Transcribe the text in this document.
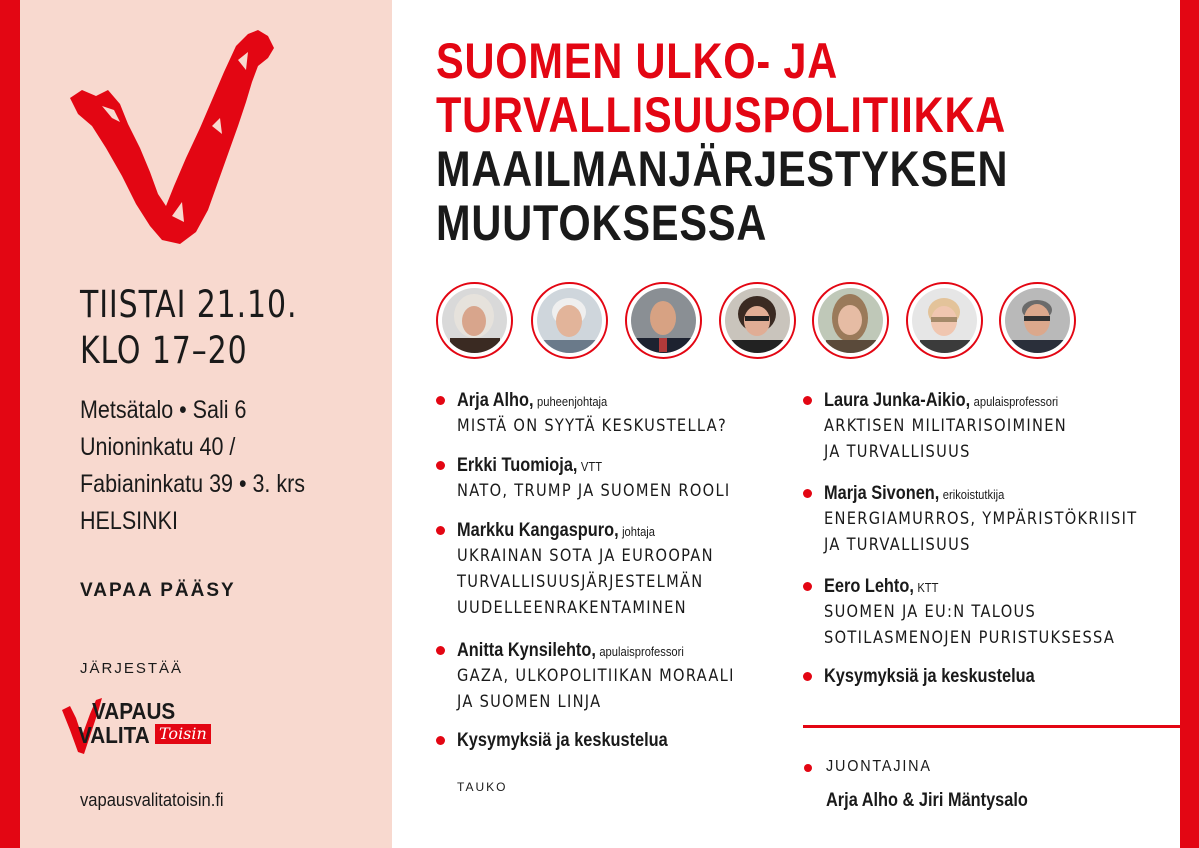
TIISTAI 21.10.
KLO 17–20
Metsätalo • Sali 6
Unioninkatu 40 /
Fabianinkatu 39 • 3. krs
HELSINKI
VAPAA PÄÄSY
JÄRJESTÄÄ
VAPAUS
VALITA Toisin
vapausvalitatoisin.fi
SUOMEN ULKO- JA
TURVALLISUUSPOLITIIKKA
MAAILMANJÄRJESTYKSEN
MUUTOKSESSA
Arja Alho, puheenjohtaja
MISTÄ ON SYYTÄ KESKUSTELLA?
Erkki Tuomioja, VTT
NATO, TRUMP JA SUOMEN ROOLI
Markku Kangaspuro, johtaja
UKRAINAN SOTA JA EUROOPAN
TURVALLISUUSJÄRJESTELMÄN
UUDELLEENRAKENTAMINEN
Anitta Kynsilehto, apulaisprofessori
GAZA, ULKOPOLITIIKAN MORAALI
JA SUOMEN LINJA
Kysymyksiä ja keskustelua
TAUKO
Laura Junka-Aikio, apulaisprofessori
ARKTISEN MILITARISOIMINEN
JA TURVALLISUUS
Marja Sivonen, erikoistutkija
ENERGIAMURROS, YMPÄRISTÖKRIISIT
JA TURVALLISUUS
Eero Lehto, KTT
SUOMEN JA EU:N TALOUS
SOTILASMENOJEN PURISTUKSESSA
Kysymyksiä ja keskustelua
JUONTAJINA
Arja Alho & Jiri Mäntysalo
